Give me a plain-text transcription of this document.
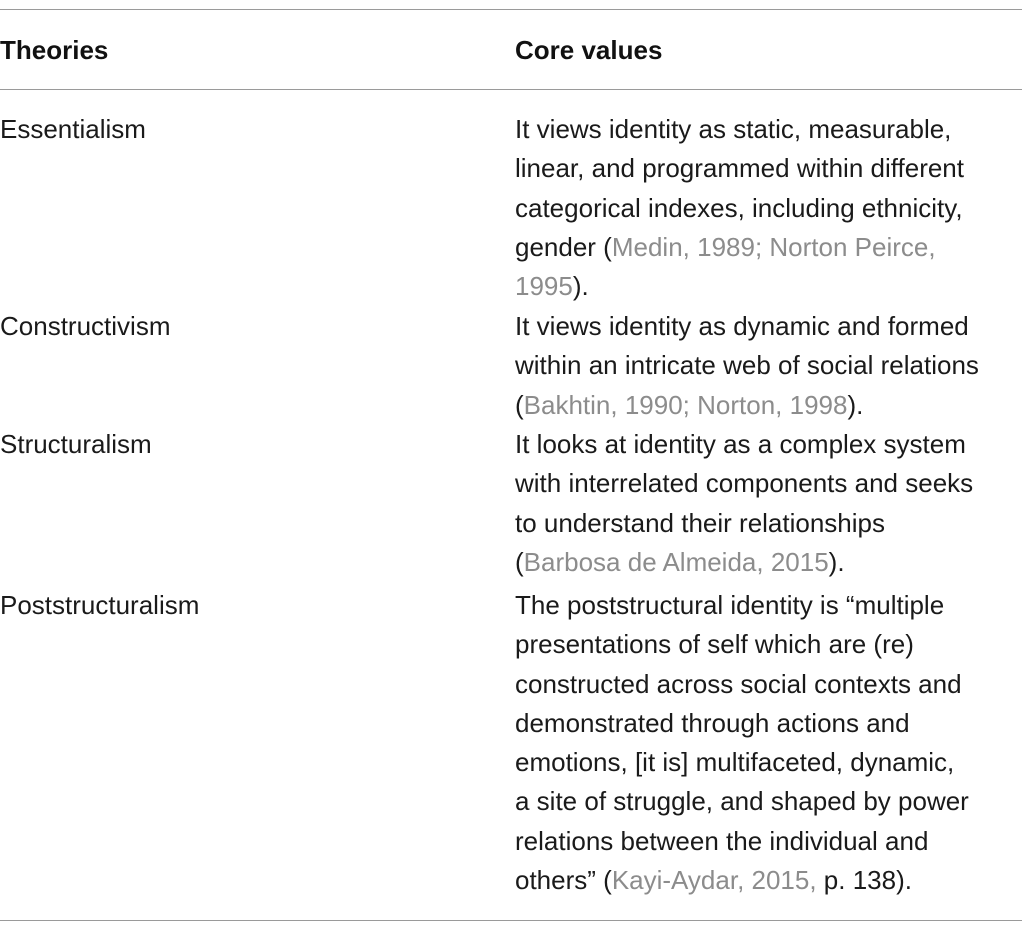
Theories	Core values
Essentialism	It views identity as static, measurable,
linear, and programmed within different
categorical indexes, including ethnicity,
gender (Medin, 1989; Norton Peirce,
1995).
Constructivism	It views identity as dynamic and formed
within an intricate web of social relations
(Bakhtin, 1990; Norton, 1998).
Structuralism	It looks at identity as a complex system
with interrelated components and seeks
to understand their relationships
(Barbosa de Almeida, 2015).
Poststructuralism	The poststructural identity is “multiple
presentations of self which are (re)
constructed across social contexts and
demonstrated through actions and
emotions, [it is] multifaceted, dynamic,
a site of struggle, and shaped by power
relations between the individual and
others” (Kayi-Aydar, 2015, p. 138).
